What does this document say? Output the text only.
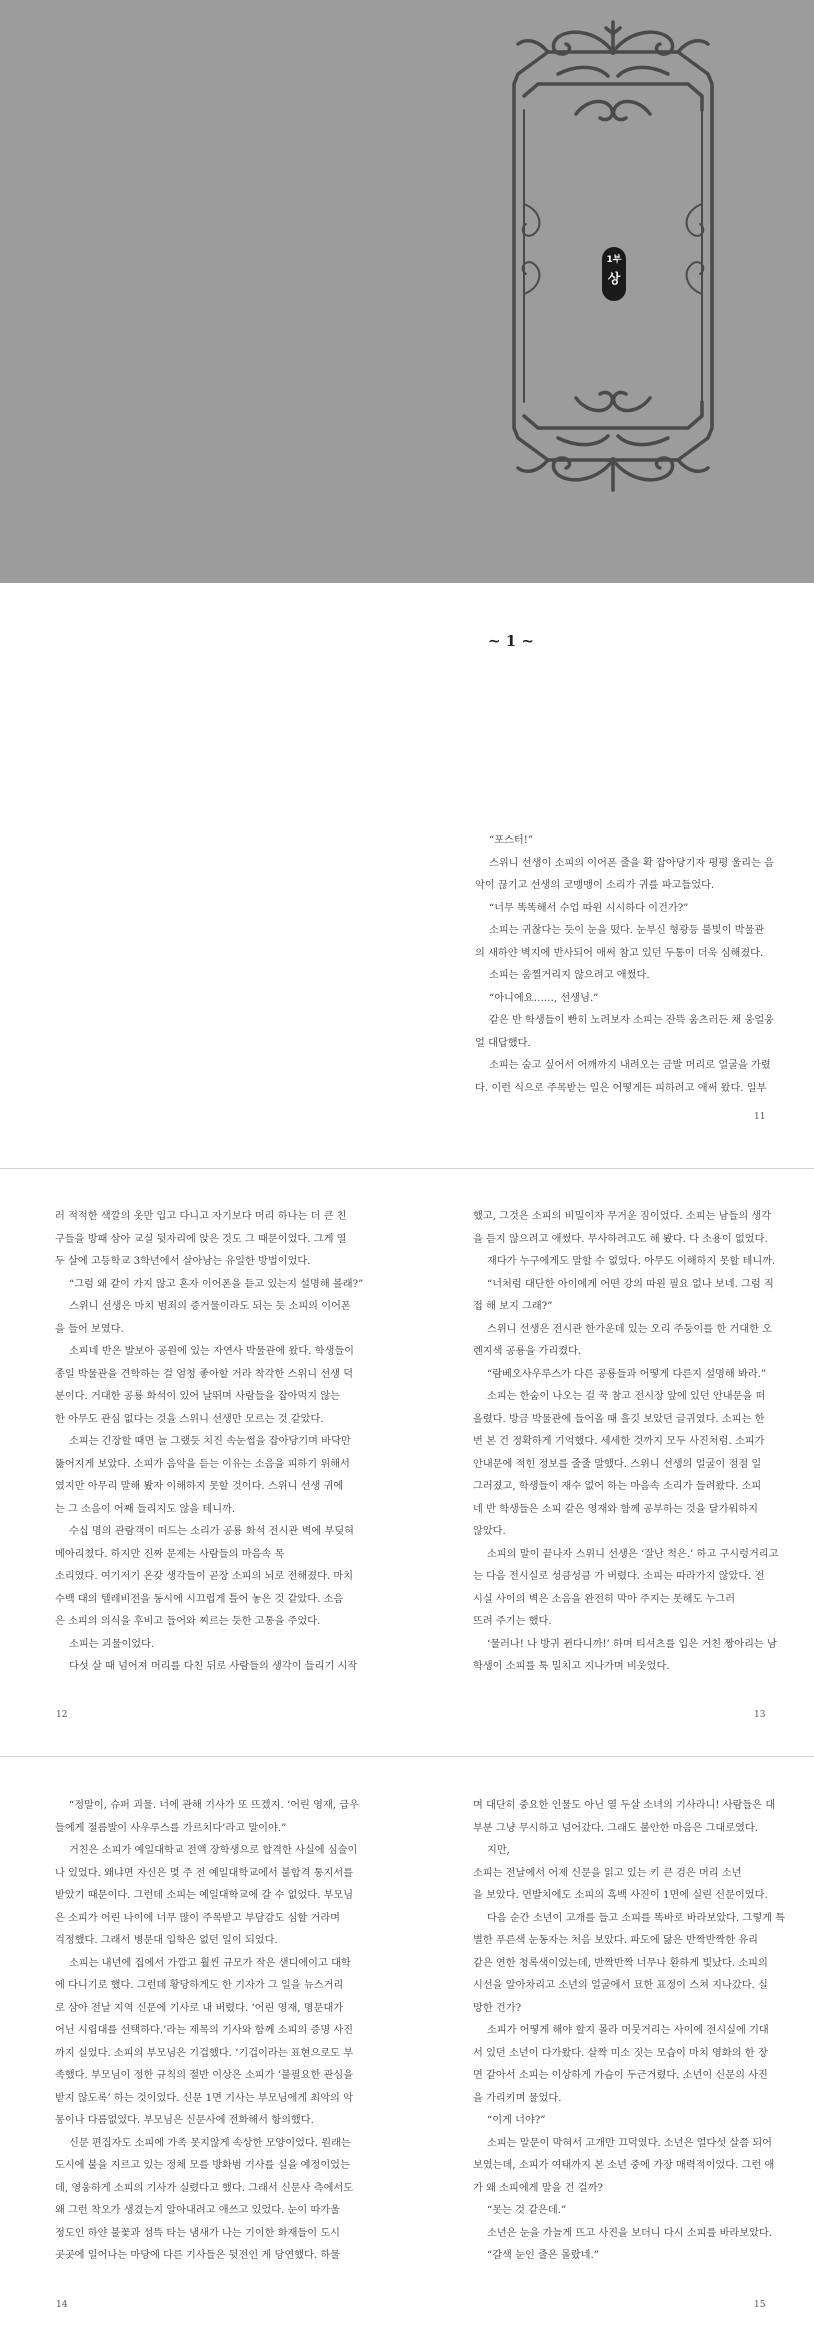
1부
상
~ 1 ~

“포스터!”

스위니 선생이 소피의 이어폰 줄을 확 잡아당기자 평평 울리는 음

악이 끊기고 선생의 코맹맹이 소리가 귀를 파고들었다.

“너무 똑똑해서 수업 따윈 시시하다 이건가?”

소피는 귀찮다는 듯이 눈을 떴다. 눈부신 형광등 불빛이 박물관

의 새하얀 벽지에 반사되어 애써 참고 있던 두통이 더욱 심해졌다.

소피는 움찔거리지 않으려고 애썼다.

“아니에요……, 선생님.”

같은 반 학생들이 빤히 노려보자 소피는 잔뜩 움츠러든 채 웅얼웅

얼 대답했다.

소피는 숨고 싶어서 어깨까지 내려오는 금발 머리로 얼굴을 가렸

다. 이런 식으로 주목받는 일은 어떻게든 피하려고 애써 왔다. 일부

11

러 적적한 색깔의 옷만 입고 다니고 자기보다 머리 하나는 더 큰 친

구들을 방패 삼아 교실 뒷자리에 앉은 것도 그 때문이었다. 그게 열

두 살에 고등학교 3학년에서 살아남는 유일한 방법이었다.

“그럼 왜 같이 가지 않고 혼자 이어폰을 듣고 있는지 설명해 볼래?”

스위니 선생은 마치 범죄의 증거물이라도 되는 듯 소피의 이어폰

을 들어 보였다.

소피네 반은 발보아 공원에 있는 자연사 박물관에 왔다. 학생들이

종일 박물관을 견학하는 걸 엄청 좋아할 거라 착각한 스위니 선생 덕

분이다. 거대한 공룡 화석이 있어 날뛰며 사람들을 잡아먹지 않는

한 아무도 관심 없다는 것을 스위니 선생만 모르는 것 같았다.

소피는 긴장할 때면 늘 그랬듯 치진 속눈썹을 잡아당기며 바닥만

뚫어지게 보았다. 소피가 음악을 듣는 이유는 소음을 피하기 위해서

였지만 아무리 말해 봤자 이해하지 못할 것이다. 스위니 선생 귀에

는 그 소음이 어째 들리지도 않을 테니까.

수십 명의 관람객이 떠드는 소리가 공룡 화석 전시관 벽에 부딪혀

메아리쳤다. 하지만 진짜 문제는 사람들의 마음속 목

소리였다. 여기저기 온갖 생각들이 곧장 소피의 뇌로 전해졌다. 마치

수백 대의 텔레비전을 동시에 시끄럽게 틀어 놓은 것 같았다. 소음

은 소피의 의식을 후비고 들어와 찌르는 듯한 고통을 주었다.

소피는 괴물이었다.

다섯 살 때 넘어져 머리를 다친 뒤로 사람들의 생각이 들리기 시작

12

했고, 그것은 소피의 비밀이자 무거운 짐이었다. 소피는 남들의 생각

을 듣지 않으려고 애썼다. 무사하려고도 해 봤다. 다 소용이 없었다.

재다가 누구에게도 말할 수 없었다. 아무도 이해하지 못할 테니까.

“너처럼 대단한 아이에게 어떤 강의 따윈 필요 없나 보네. 그럼 직

접 해 보지 그래?”

스위니 선생은 전시관 한가운데 있는 오리 주둥이를 한 거대한 오

렌지색 공룡을 가리켰다.

“람베오사우루스가 다른 공룡들과 어떻게 다른지 설명해 봐라.”

소피는 한숨이 나오는 걸 꾹 참고 전시장 앞에 있던 안내문을 떠

올렸다. 방금 박물관에 들어올 때 흘깃 보았던 글귀였다. 소피는 한

번 본 건 정확하게 기억했다. 세세한 것까지 모두 사진처럼. 소피가

안내문에 적힌 정보를 줄줄 말했다. 스위니 선생의 얼굴이 점점 일

그러졌고, 학생들이 재수 없어 하는 마음속 소리가 들려왔다. 소피

네 반 학생들은 소피 같은 영재와 함께 공부하는 것을 달가워하지

않았다.

소피의 말이 끝나자 스위니 선생은 ‘잘난 척은.’ 하고 구시렁거리고

는 다음 전시실로 성큼성큼 가 버렸다. 소피는 따라가지 않았다. 전

시실 사이의 벽은 소음을 완전히 막아 주지는 못해도 누그러

뜨려 주기는 했다.

‘물러나! 나 방귀 뀐다니까!’ 하며 티셔츠를 입은 거친 짱아리는 남

학생이 소피를 툭 밀치고 지나가며 비웃었다.

13

“정말이, 슈퍼 괴물. 너에 관해 기사가 또 뜨겠지. ‘어린 영재, 급우

들에게 절름발이 사우루스를 가르치다’라고 말이야.”

거친은 소피가 예일대학교 전액 장학생으로 합격한 사실에 심술이

나 있었다. 왜냐면 자신은 몇 주 전 예일대학교에서 불합격 통지서를

받았기 때문이다. 그런데 소피는 예일대학교에 갈 수 없었다. 부모님

은 소피가 어린 나이에 너무 많이 주목받고 부담감도 심할 거라며

걱정했다. 그래서 병문대 입학은 없던 일이 되었다.

소피는 내년에 집에서 가깝고 훨씬 규모가 작은 샌디에이고 대학

에 다니기로 했다. 그런데 황당하게도 한 기자가 그 일을 뉴스거리

로 삼아 전날 지역 신문에 기사로 내 버렸다. ‘어린 영재, 명문대가

어닌 시립대를 선택하다.’라는 제목의 기사와 함께 소피의 증명 사진

까지 실었다. 소피의 부모님은 기겁했다. ‘기겁이라는 표현으로도 부

족했다. 부모님이 정한 규칙의 절반 이상은 소피가 ‘불필요한 관심을

받지 않도록’ 하는 것이었다. 신문 1면 기사는 부모님에게 최악의 악

몽이나 다름없었다. 부모님은 신문사에 전화해서 항의했다.

신문 편집자도 소피에 가족 못지않게 속상한 모양이었다. 원래는

도시에 불을 지르고 있는 정체 모를 방화범 기사를 실을 예정이었는

데, 영웅하게 소피의 기사가 실렸다고 했다. 그래서 신문사 측에서도

왜 그런 착오가 생겼는지 알아내려고 애쓰고 있었다. 눈이 따가울

정도인 하얀 불꽃과 섬뜩 타는 냄새가 나는 기이한 화재들이 도시

곳곳에 일어나는 마당에 다른 기사들은 뒷전인 게 당연했다. 하물

14

며 대단히 중요한 인물도 아닌 열 두살 소녀의 기사라니! 사람들은 대

부분 그냥 무시하고 넘어갔다. 그래도 불안한 마음은 그대로였다.

지만,

소피는 전날에서 어제 신문을 읽고 있는 키 큰 검은 머리 소년

을 보았다. 먼발치에도 소피의 흑백 사진이 1면에 실린 신문이었다.

다음 순간 소년이 고개를 들고 소피를 똑바로 바라보았다. 그렇게 특

별한 푸른색 눈동자는 처음 보았다. 파도에 닳은 반짝반짝한 유리

같은 연한 청록색이었는데, 반짝반짝 너무나 환하게 빛났다. 소피의

시선을 알아차리고 소년의 얼굴에서 묘한 표정이 스쳐 지나갔다. 실

망한 건가?

소피가 어떻게 해야 할지 몰라 머뭇거리는 사이에 전시실에 기대

서 있던 소년이 다가왔다. 살짝 미소 짓는 모습이 마치 영화의 한 장

면 같아서 소피는 이상하게 가슴이 두근거렸다. 소년이 신문의 사진

을 가리키며 물었다.

“이게 너야?”

소피는 말문이 막혀서 고개만 끄덕였다. 소년은 얼다섯 살쯤 되어

보였는데, 소피가 여태까지 본 소년 중에 가장 매력적이었다. 그런 애

가 왜 소피에게 말을 건 걸까?

“못는 것 같은데.”

소년은 눈을 가늘게 뜨고 사진을 보더니 다시 소피를 바라보았다.

“갈색 눈인 줄은 몰랐네.”

15
